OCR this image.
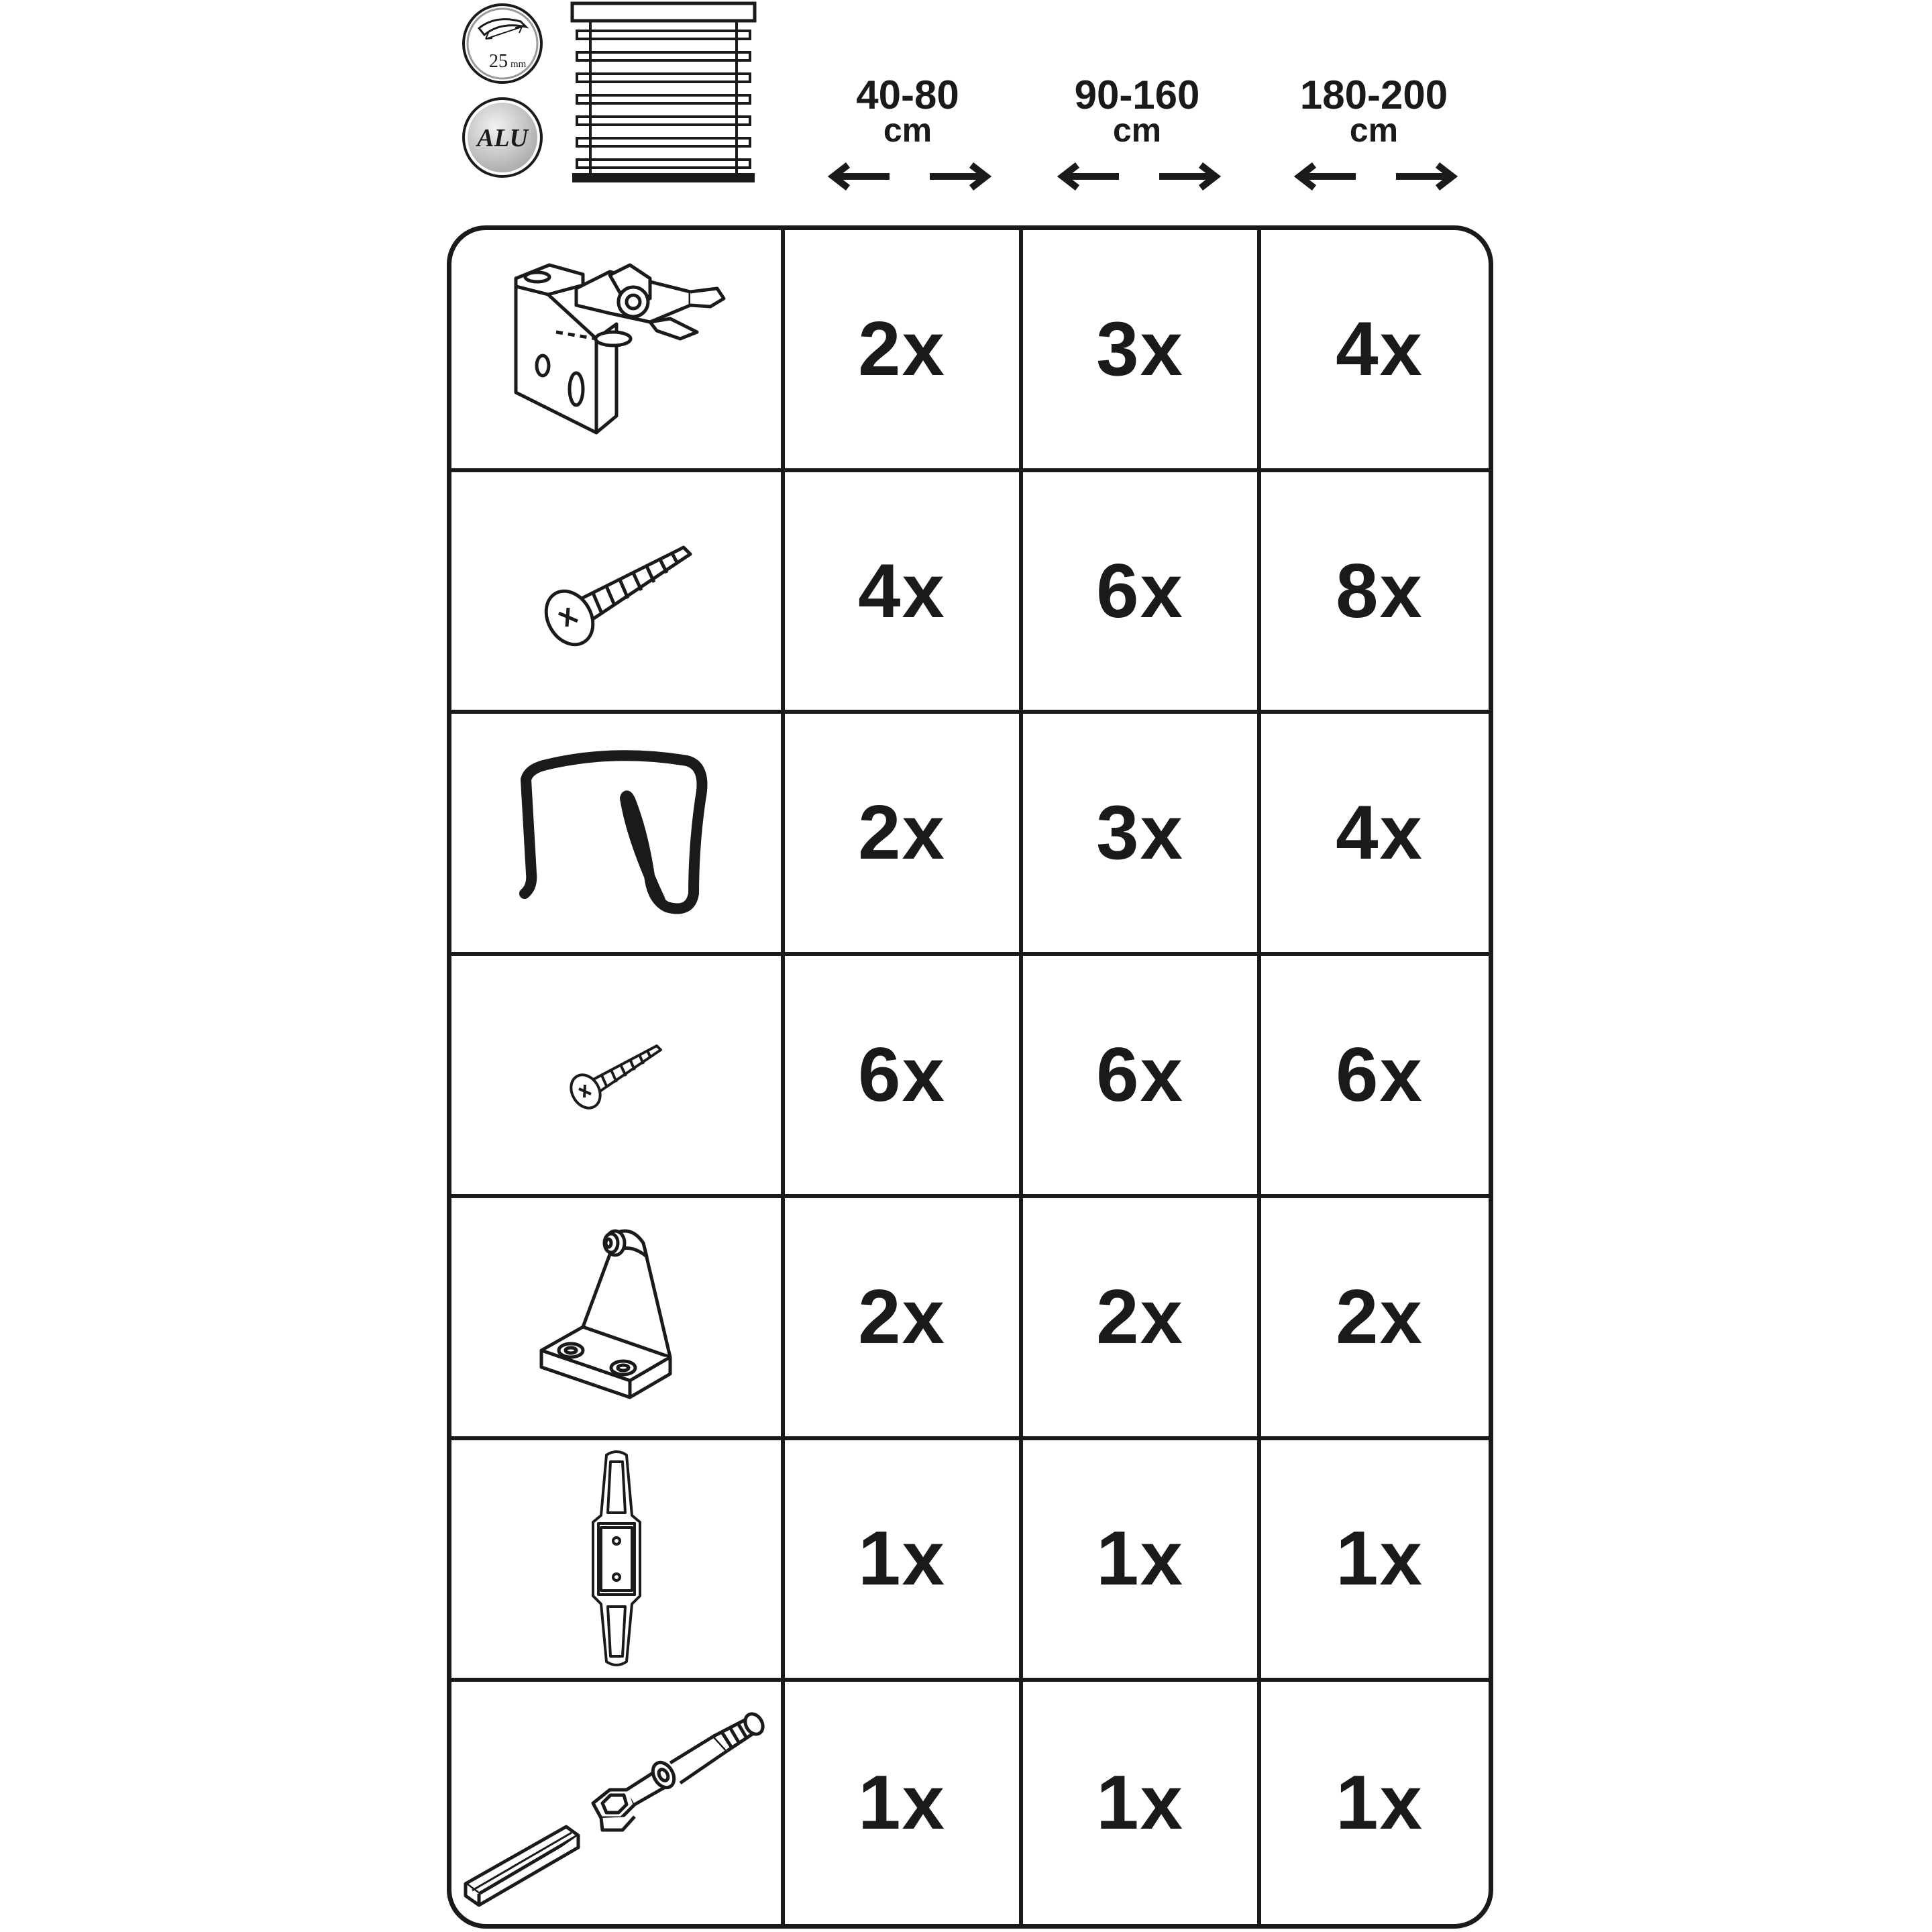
25 mm
ALU
40-80
cm
90-160
cm
180-200
cm
2x 3x 4x
4x 6x 8x
2x 3x 4x
6x 6x 6x
2x 2x 2x
1x 1x 1x
1x 1x 1x
